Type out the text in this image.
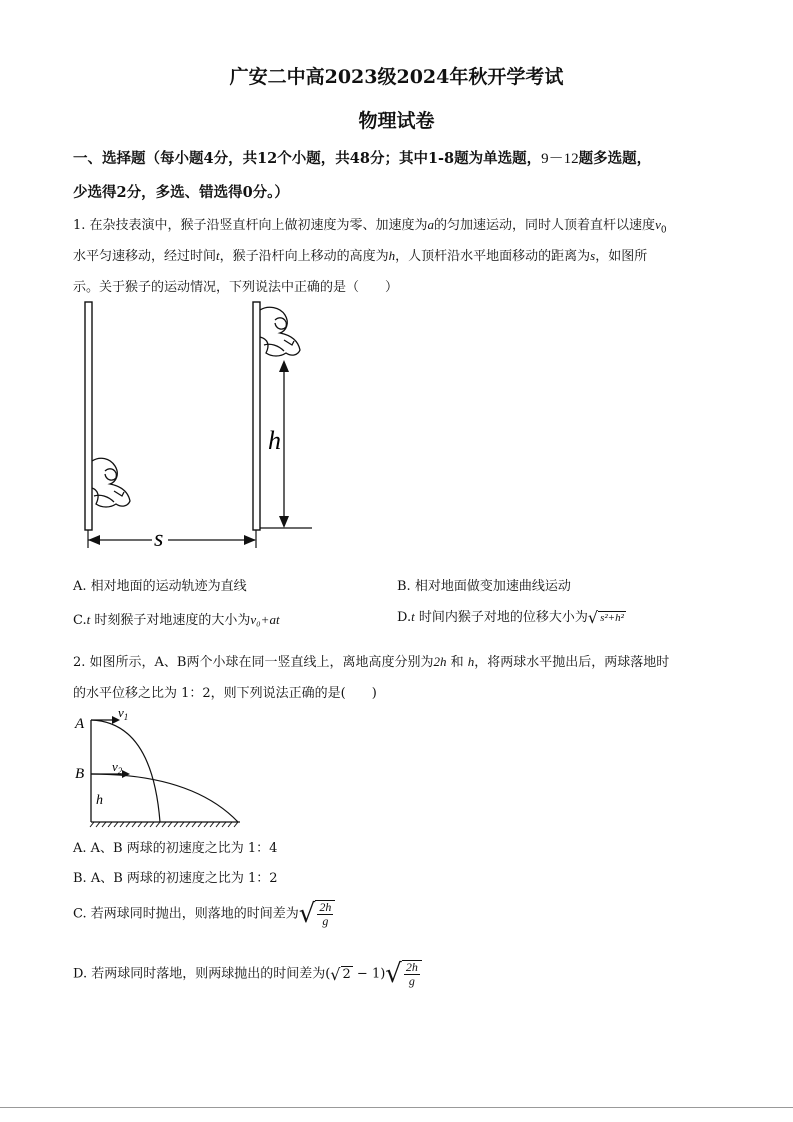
广安二中高2023级2024年秋开学考试
物理试卷
一、选择题（每小题4分，共12个小题，共48分；其中1-8题为单选题，9－12题多选题，
少选得2分，多选、错选得0分。）
1. 在杂技表演中，猴子沿竖直杆向上做初速度为零、加速度为a的匀加速运动，同时人顶着直杆以速度$v_0$
水平匀速移动，经过时间t，猴子沿杆向上移动的高度为h，人顶杆沿水平地面移动的距离为s，如图所
示。关于猴子的运动情况，下列说法中正确的是（　　）
h
s
A. 相对地面的运动轨迹为直线	B. 相对地面做变加速曲线运动
C.t 时刻猴子对地速度的大小为v₀+at	D.t 时间内猴子对地的位移大小为 √ s²+h²
2. 如图所示，A、B两个小球在同一竖直线上，离地高度分别为2h 和 h，将两球水平抛出后，两球落地时
的水平位移之比为 1：2，则下列说法正确的是(　　)
A
B
$v_1$
$v_2$
h
A. A、B 两球的初速度之比为 1：4
B. A、B 两球的初速度之比为 1：2
C. 若两球同时抛出，则落地的时间差为 √ $\frac{2h}{g}$
D. 若两球同时落地，则两球抛出的时间差为( √ 2 − 1) √ $\frac{2h}{g}$
